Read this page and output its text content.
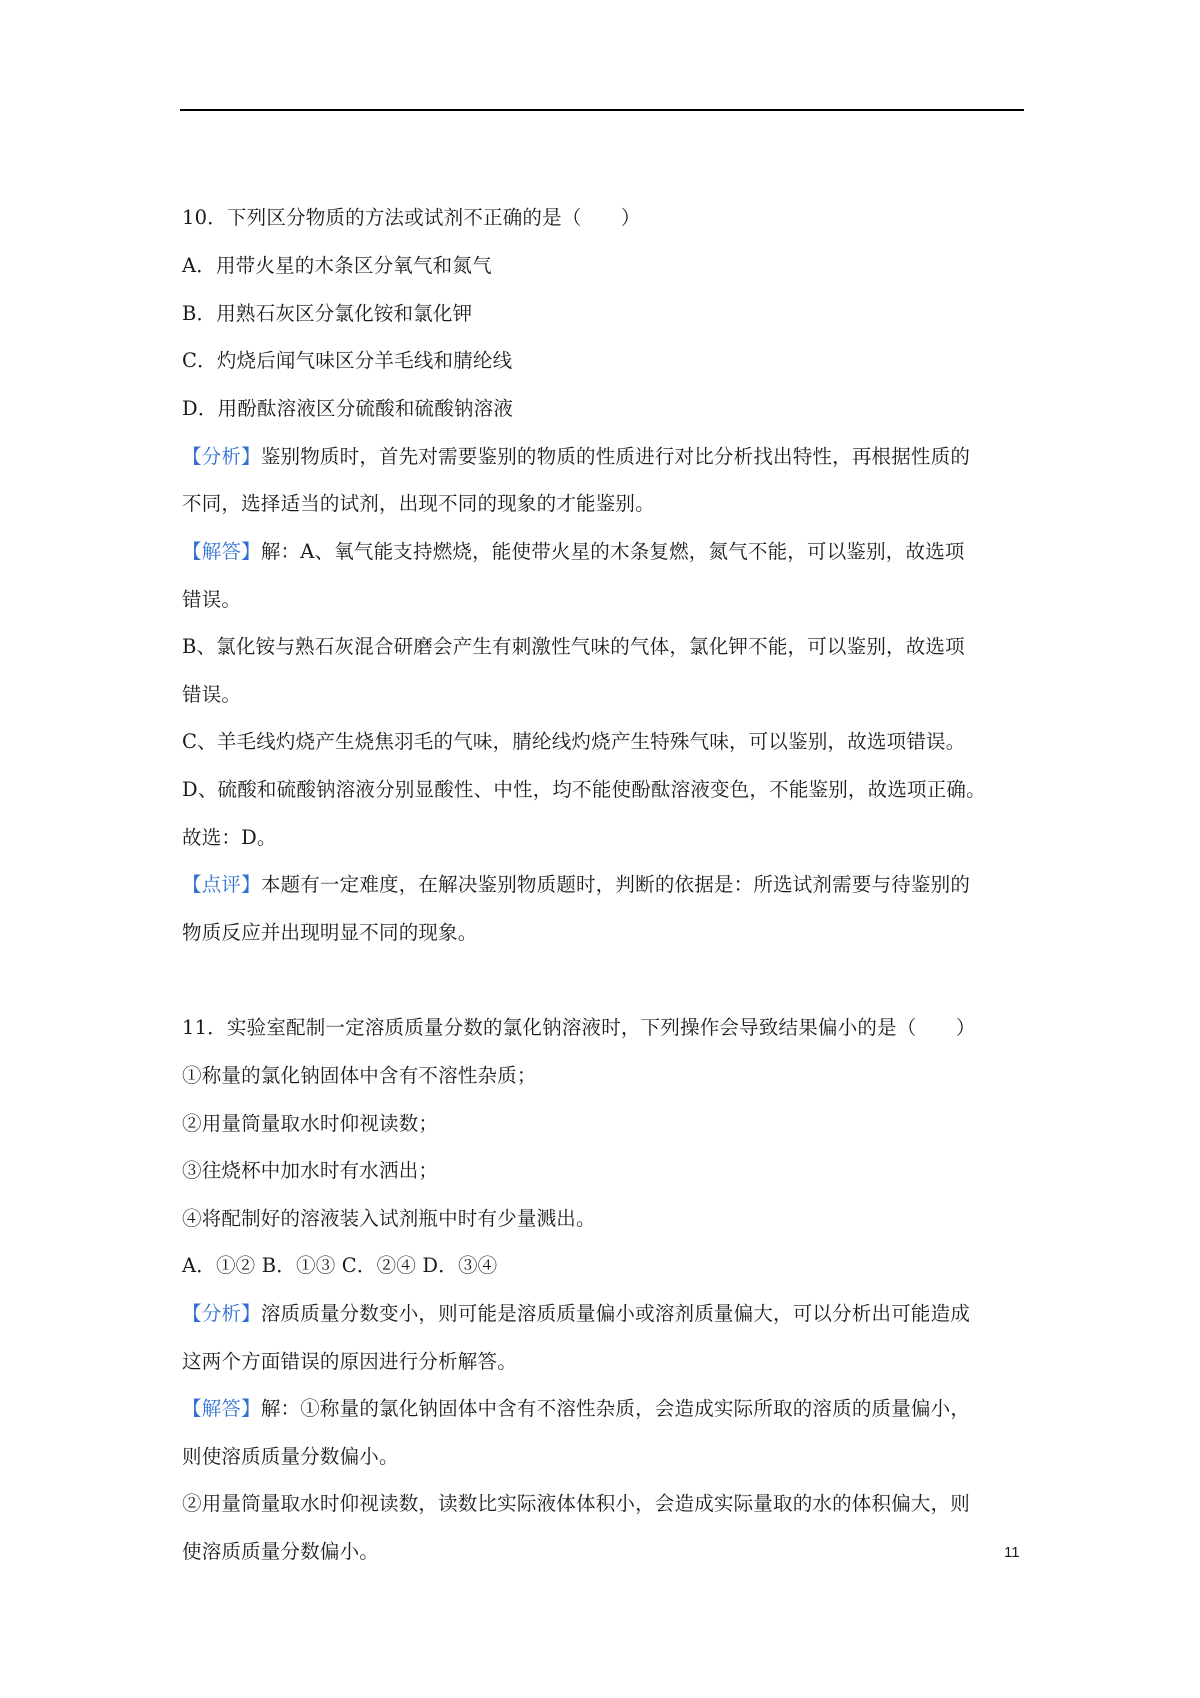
10．下列区分物质的方法或试剂不正确的是（　　）
A．用带火星的木条区分氧气和氮气
B．用熟石灰区分氯化铵和氯化钾
C．灼烧后闻气味区分羊毛线和腈纶线
D．用酚酞溶液区分硫酸和硫酸钠溶液
【分析】鉴别物质时，首先对需要鉴别的物质的性质进行对比分析找出特性，再根据性质的
不同，选择适当的试剂，出现不同的现象的才能鉴别。
【解答】解：A、氧气能支持燃烧，能使带火星的木条复燃，氮气不能，可以鉴别，故选项
错误。
B、氯化铵与熟石灰混合研磨会产生有刺激性气味的气体，氯化钾不能，可以鉴别，故选项
错误。
C、羊毛线灼烧产生烧焦羽毛的气味，腈纶线灼烧产生特殊气味，可以鉴别，故选项错误。
D、硫酸和硫酸钠溶液分别显酸性、中性，均不能使酚酞溶液变色，不能鉴别，故选项正确。
故选：D。
【点评】本题有一定难度，在解决鉴别物质题时，判断的依据是：所选试剂需要与待鉴别的
物质反应并出现明显不同的现象。
11．实验室配制一定溶质质量分数的氯化钠溶液时，下列操作会导致结果偏小的是（　　）
①称量的氯化钠固体中含有不溶性杂质；
②用量筒量取水时仰视读数；
③往烧杯中加水时有水洒出；
④将配制好的溶液装入试剂瓶中时有少量溅出。
A．①② B．①③ C．②④ D．③④
【分析】溶质质量分数变小，则可能是溶质质量偏小或溶剂质量偏大，可以分析出可能造成
这两个方面错误的原因进行分析解答。
【解答】解：①称量的氯化钠固体中含有不溶性杂质，会造成实际所取的溶质的质量偏小，
则使溶质质量分数偏小。
②用量筒量取水时仰视读数，读数比实际液体体积小，会造成实际量取的水的体积偏大，则
使溶质质量分数偏小。	11
